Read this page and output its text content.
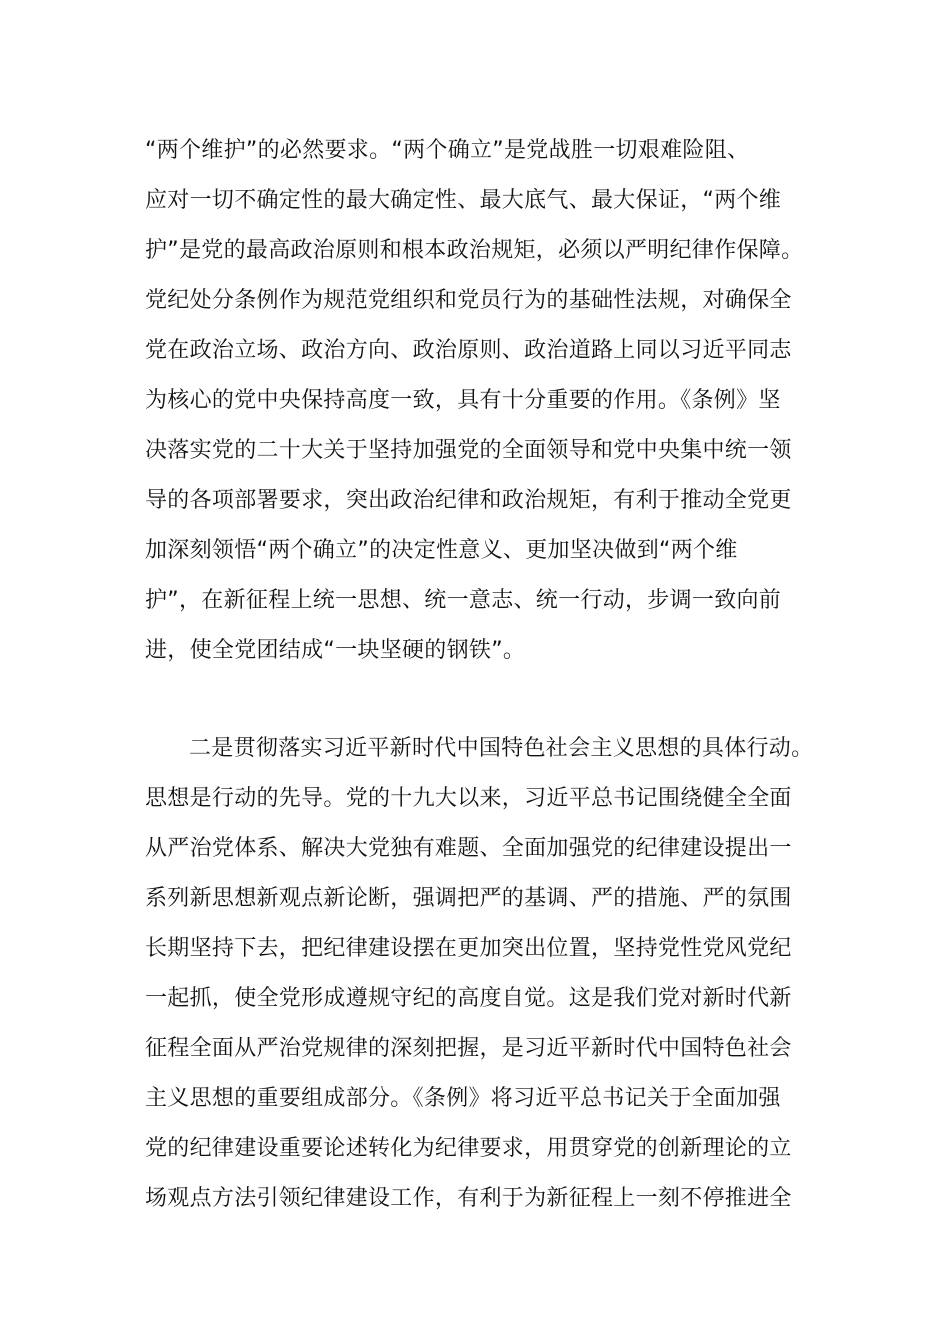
“两个维护”的必然要求。“两个确立”是党战胜一切艰难险阻、
应对一切不确定性的最大确定性、最大底气、最大保证，“两个维
护”是党的最高政治原则和根本政治规矩，必须以严明纪律作保障。
党纪处分条例作为规范党组织和党员行为的基础性法规，对确保全
党在政治立场、政治方向、政治原则、政治道路上同以习近平同志
为核心的党中央保持高度一致，具有十分重要的作用。《条例》坚
决落实党的二十大关于坚持加强党的全面领导和党中央集中统一领
导的各项部署要求，突出政治纪律和政治规矩，有利于推动全党更
加深刻领悟“两个确立”的决定性意义、更加坚决做到“两个维
护”，在新征程上统一思想、统一意志、统一行动，步调一致向前
进，使全党团结成“一块坚硬的钢铁”。
二是贯彻落实习近平新时代中国特色社会主义思想的具体行动。
思想是行动的先导。党的十九大以来，习近平总书记围绕健全全面
从严治党体系、解决大党独有难题、全面加强党的纪律建设提出一
系列新思想新观点新论断，强调把严的基调、严的措施、严的氛围
长期坚持下去，把纪律建设摆在更加突出位置，坚持党性党风党纪
一起抓，使全党形成遵规守纪的高度自觉。这是我们党对新时代新
征程全面从严治党规律的深刻把握，是习近平新时代中国特色社会
主义思想的重要组成部分。《条例》将习近平总书记关于全面加强
党的纪律建设重要论述转化为纪律要求，用贯穿党的创新理论的立
场观点方法引领纪律建设工作，有利于为新征程上一刻不停推进全
